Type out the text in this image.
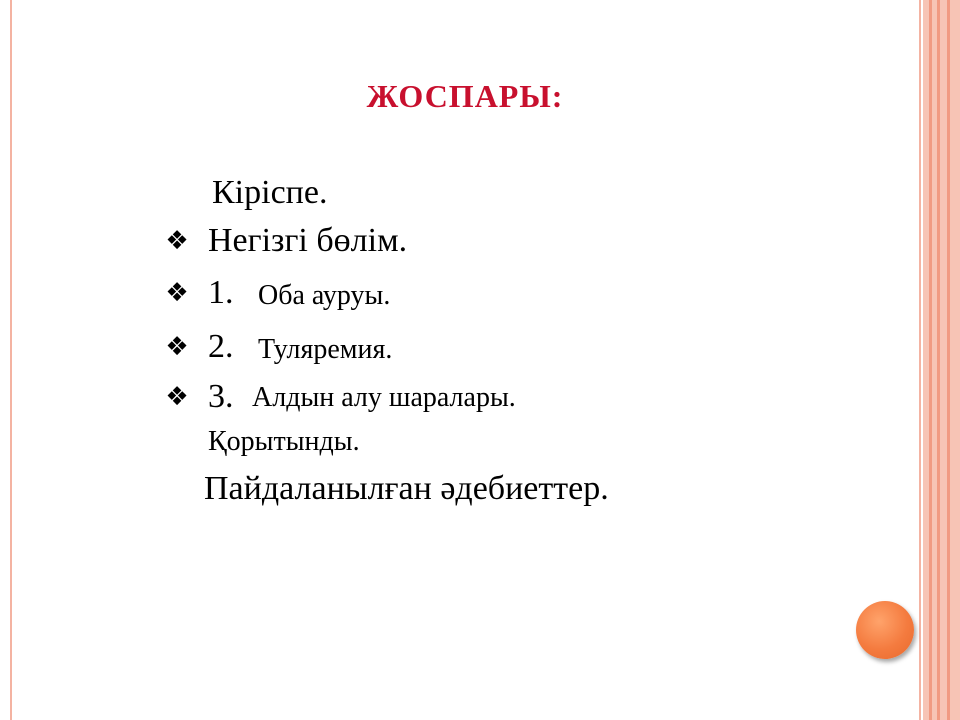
ЖОСПАРЫ:
Кіріспе.
❖ Негізгі бөлім.
❖ 1. Оба ауруы.
❖ 2. Туляремия.
❖ 3. Алдын алу шаралары.
Қорытынды.
Пайдаланылған әдебиеттер.
